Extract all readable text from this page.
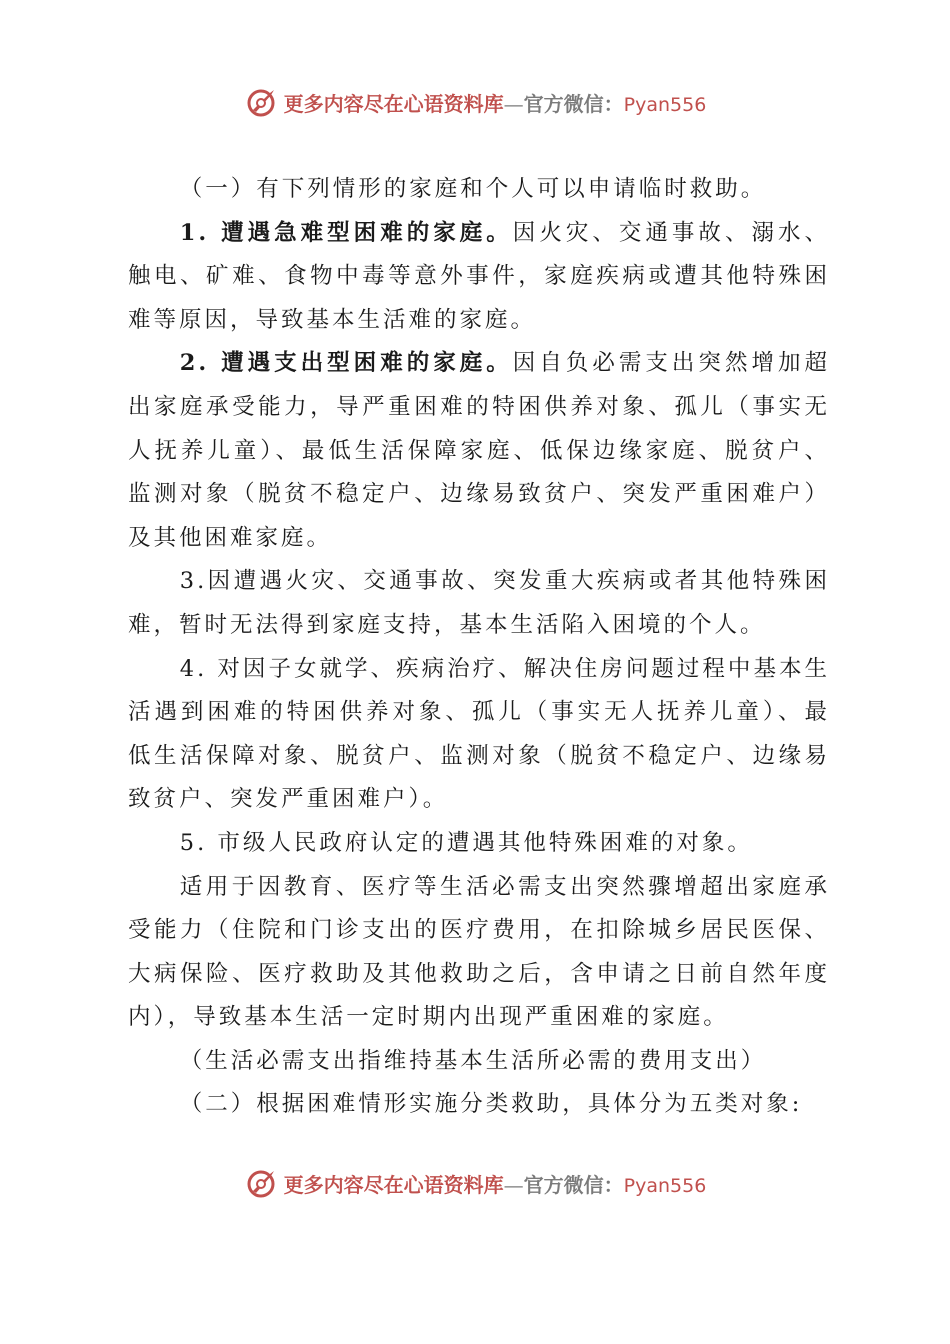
更多内容尽在心语资料库—官方微信：Pyan556

（一）有下列情形的家庭和个人可以申请临时救助。

1. 遭遇急难型困难的家庭。因火灾、交通事故、溺水、触电、矿难、食物中毒等意外事件，家庭疾病或遭其他特殊困难等原因，导致基本生活难的家庭。

2. 遭遇支出型困难的家庭。因自负必需支出突然增加超出家庭承受能力，导严重困难的特困供养对象、孤儿（事实无人抚养儿童）、最低生活保障家庭、低保边缘家庭、脱贫户、监测对象（脱贫不稳定户、边缘易致贫户、突发严重困难户）及其他困难家庭。

3.因遭遇火灾、交通事故、突发重大疾病或者其他特殊困难，暂时无法得到家庭支持，基本生活陷入困境的个人。

4. 对因子女就学、疾病治疗、解决住房问题过程中基本生活遇到困难的特困供养对象、孤儿（事实无人抚养儿童）、最低生活保障对象、脱贫户、监测对象（脱贫不稳定户、边缘易致贫户、突发严重困难户）。

5. 市级人民政府认定的遭遇其他特殊困难的对象。

适用于因教育、医疗等生活必需支出突然骤增超出家庭承受能力（住院和门诊支出的医疗费用，在扣除城乡居民医保、大病保险、医疗救助及其他救助之后，含申请之日前自然年度内），导致基本生活一定时期内出现严重困难的家庭。

（生活必需支出指维持基本生活所必需的费用支出）

（二）根据困难情形实施分类救助，具体分为五类对象:

更多内容尽在心语资料库—官方微信：Pyan556
